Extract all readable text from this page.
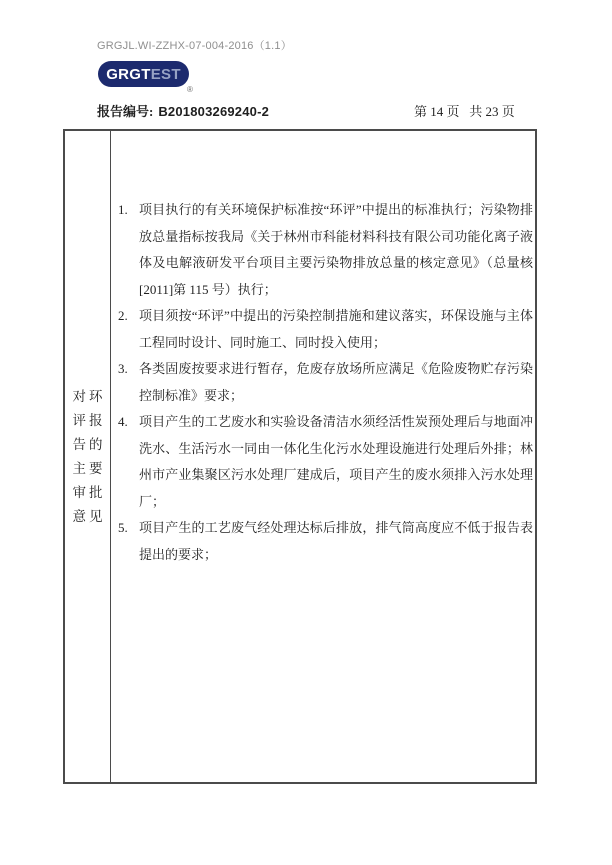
GRGJL.WI-ZZHX-07-004-2016（1.1）
GRGT EST
®
报告编号: B201803269240-2	第 14 页   共 23 页
对环
评报
告的
主要
审批
意见
1. 项目执行的有关环境保护标准按“环评”中提出的标准执行；污染物排放总量指标按我局《关于林州市科能材料科技有限公司功能化离子液体及电解液研发平台项目主要污染物排放总量的核定意见》（总量核[2011]第 115 号）执行；
2. 项目须按“环评”中提出的污染控制措施和建议落实，环保设施与主体工程同时设计、同时施工、同时投入使用；
3. 各类固废按要求进行暂存，危废存放场所应满足《危险废物贮存污染控制标准》要求；
4. 项目产生的工艺废水和实验设备清洁水须经活性炭预处理后与地面冲洗水、生活污水一同由一体化生化污水处理设施进行处理后外排；林州市产业集聚区污水处理厂建成后，项目产生的废水须排入污水处理厂；
5. 项目产生的工艺废气经处理达标后排放，排气筒高度应不低于报告表提出的要求；
